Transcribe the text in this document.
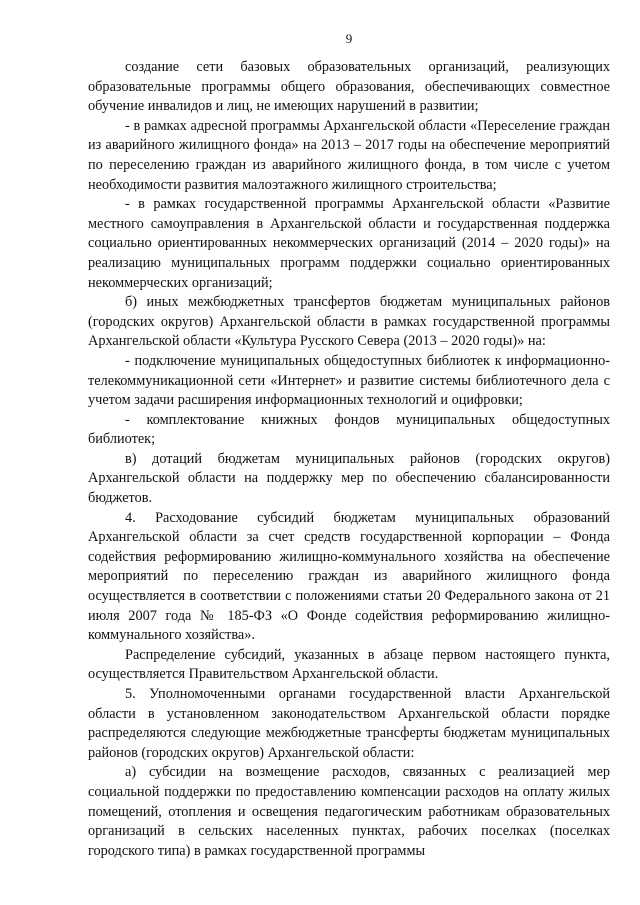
9

создание сети базовых образовательных организаций, реализующих образовательные программы общего образования, обеспечивающих совместное обучение инвалидов и лиц, не имеющих нарушений в развитии;

- в рамках адресной программы Архангельской области «Переселение граждан из аварийного жилищного фонда» на 2013 – 2017 годы на обеспечение мероприятий по переселению граждан из аварийного жилищного фонда, в том числе с учетом необходимости развития малоэтажного жилищного строительства;

- в рамках государственной программы Архангельской области «Развитие местного самоуправления в Архангельской области и государственная поддержка социально ориентированных некоммерческих организаций (2014 – 2020 годы)» на реализацию муниципальных программ поддержки социально ориентированных некоммерческих организаций;

б) иных межбюджетных трансфертов бюджетам муниципальных районов (городских округов) Архангельской области в рамках государственной программы Архангельской области «Культура Русского Севера (2013 – 2020 годы)» на:

- подключение муниципальных общедоступных библиотек к информационно-телекоммуникационной сети «Интернет» и развитие системы библиотечного дела с учетом задачи расширения информационных технологий и оцифровки;

- комплектование книжных фондов муниципальных общедоступных библиотек;

в) дотаций бюджетам муниципальных районов (городских округов) Архангельской области на поддержку мер по обеспечению сбалансированности бюджетов.

4. Расходование субсидий бюджетам муниципальных образований Архангельской области за счет средств государственной корпорации – Фонда содействия реформированию жилищно-коммунального хозяйства на обеспечение мероприятий по переселению граждан из аварийного жилищного фонда осуществляется в соответствии с положениями статьи 20 Федерального закона от 21 июля 2007 года № 185-ФЗ «О Фонде содействия реформированию жилищно-коммунального хозяйства».

Распределение субсидий, указанных в абзаце первом настоящего пункта, осуществляется Правительством Архангельской области.

5. Уполномоченными органами государственной власти Архангельской области в установленном законодательством Архангельской области порядке распределяются следующие межбюджетные трансферты бюджетам муниципальных районов (городских округов) Архангельской области:

а) субсидии на возмещение расходов, связанных с реализацией мер социальной поддержки по предоставлению компенсации расходов на оплату жилых помещений, отопления и освещения педагогическим работникам образовательных организаций в сельских населенных пунктах, рабочих поселках (поселках городского типа) в рамках государственной программы
